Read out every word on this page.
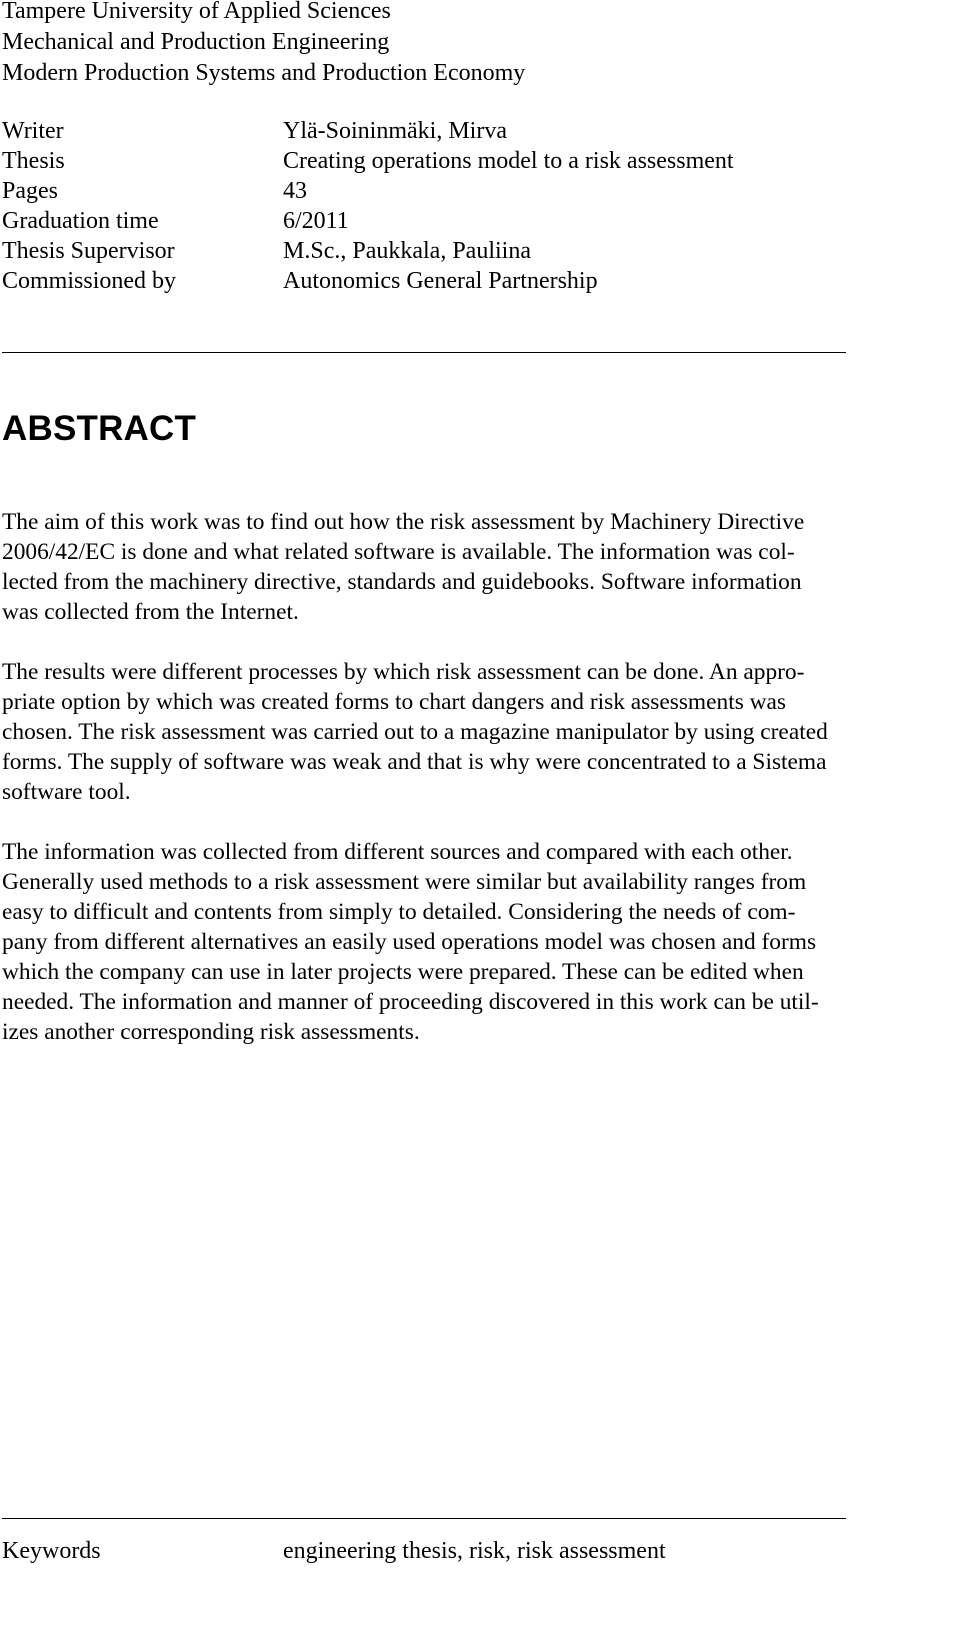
Tampere University of Applied Sciences
Mechanical and Production Engineering
Modern Production Systems and Production Economy
Writer	Ylä-Soininmäki, Mirva
Thesis	Creating operations model to a risk assessment
Pages	43
Graduation time	6/2011
Thesis Supervisor	M.Sc., Paukkala, Pauliina
Commissioned by	Autonomics General Partnership
ABSTRACT

The aim of this work was to find out how the risk assessment by Machinery Directive
2006/42/EC is done and what related software is available. The information was col-
lected from the machinery directive, standards and guidebooks. Software information
was collected from the Internet.

The results were different processes by which risk assessment can be done. An appro-
priate option by which was created forms to chart dangers and risk assessments was
chosen. The risk assessment was carried out to a magazine manipulator by using created
forms. The supply of software was weak and that is why were concentrated to a Sistema
software tool.

The information was collected from different sources and compared with each other.
Generally used methods to a risk assessment were similar but availability ranges from
easy to difficult and contents from simply to detailed. Considering the needs of com-
pany from different alternatives an easily used operations model was chosen and forms
which the company can use in later projects were prepared. These can be edited when
needed. The information and manner of proceeding discovered in this work can be util-
izes another corresponding risk assessments.

Keywords	engineering thesis, risk, risk assessment
